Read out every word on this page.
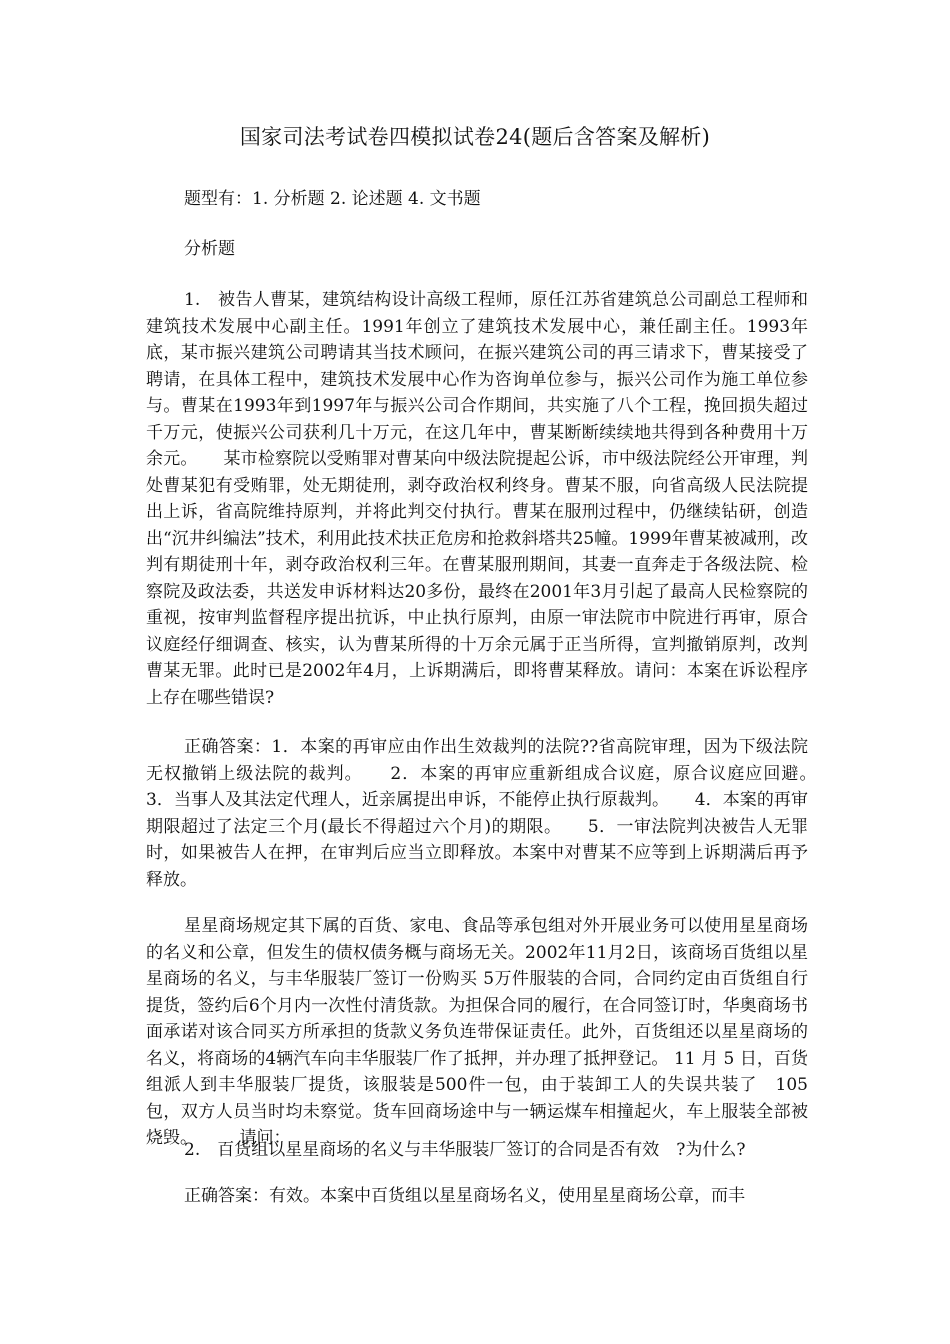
国家司法考试卷四模拟试卷24(题后含答案及解析)
题型有：1. 分析题 2. 论述题 4. 文书题
分析题

1.　被告人曹某，建筑结构设计高级工程师，原任江苏省建筑总公司副总工程师和建筑技术发展中心副主任。1991年创立了建筑技术发展中心，兼任副主任。1993年底，某市振兴建筑公司聘请其当技术顾问，在振兴建筑公司的再三请求下，曹某接受了聘请，在具体工程中，建筑技术发展中心作为咨询单位参与，振兴公司作为施工单位参与。曹某在1993年到1997年与振兴公司合作期间，共实施了八个工程，挽回损失超过千万元，使振兴公司获利几十万元，在这几年中，曹某断断续续地共得到各种费用十万余元。　　某市检察院以受贿罪对曹某向中级法院提起公诉，市中级法院经公开审理，判处曹某犯有受贿罪，处无期徒刑，剥夺政治权利终身。曹某不服，向省高级人民法院提出上诉，省高院维持原判，并将此判交付执行。曹某在服刑过程中，仍继续钻研，创造出“沉井纠编法”技术，利用此技术扶正危房和抢救斜塔共25幢。1999年曹某被减刑，改判有期徒刑十年，剥夺政治权利三年。在曹某服刑期间，其妻一直奔走于各级法院、检察院及政法委，共送发申诉材料达20多份，最终在2001年3月引起了最高人民检察院的重视，按审判监督程序提出抗诉，中止执行原判，由原一审法院市中院进行再审，原合议庭经仔细调查、核实，认为曹某所得的十万余元属于正当所得，宣判撤销原判，改判曹某无罪。此时已是2002年4月，上诉期满后，即将曹某释放。请问：本案在诉讼程序上存在哪些错误?

正确答案：1．本案的再审应由作出生效裁判的法院??省高院审理，因为下级法院无权撤销上级法院的裁判。　　2．本案的再审应重新组成合议庭，原合议庭应回避。　　3．当事人及其法定代理人，近亲属提出申诉，不能停止执行原裁判。　　4．本案的再审期限超过了法定三个月(最长不得超过六个月)的期限。　　5．一审法院判决被告人无罪时，如果被告人在押，在审判后应当立即释放。本案中对曹某不应等到上诉期满后再予释放。

星星商场规定其下属的百货、家电、食品等承包组对外开展业务可以使用星星商场的名义和公章，但发生的债权债务概与商场无关。2002年11月2日，该商场百货组以星星商场的名义，与丰华服装厂签订一份购买 5万件服装的合同，合同约定由百货组自行提货，签约后6个月内一次性付清货款。为担保合同的履行，在合同签订时，华奥商场书面承诺对该合同买方所承担的货款义务负连带保证责任。此外，百货组还以星星商场的名义，将商场的4辆汽车向丰华服装厂作了抵押，并办理了抵押登记。 11 月 5 日，百货组派人到丰华服装厂提货，该服装是500件一包，由于装卸工人的失误共装了　105 包，双方人员当时均未察觉。货车回商场途中与一辆运煤车相撞起火，车上服装全部被烧毁。　　　请问：

2.　百货组以星星商场的名义与丰华服装厂签订的合同是否有效　?为什么?

正确答案：有效。本案中百货组以星星商场名义，使用星星商场公章，而丰
